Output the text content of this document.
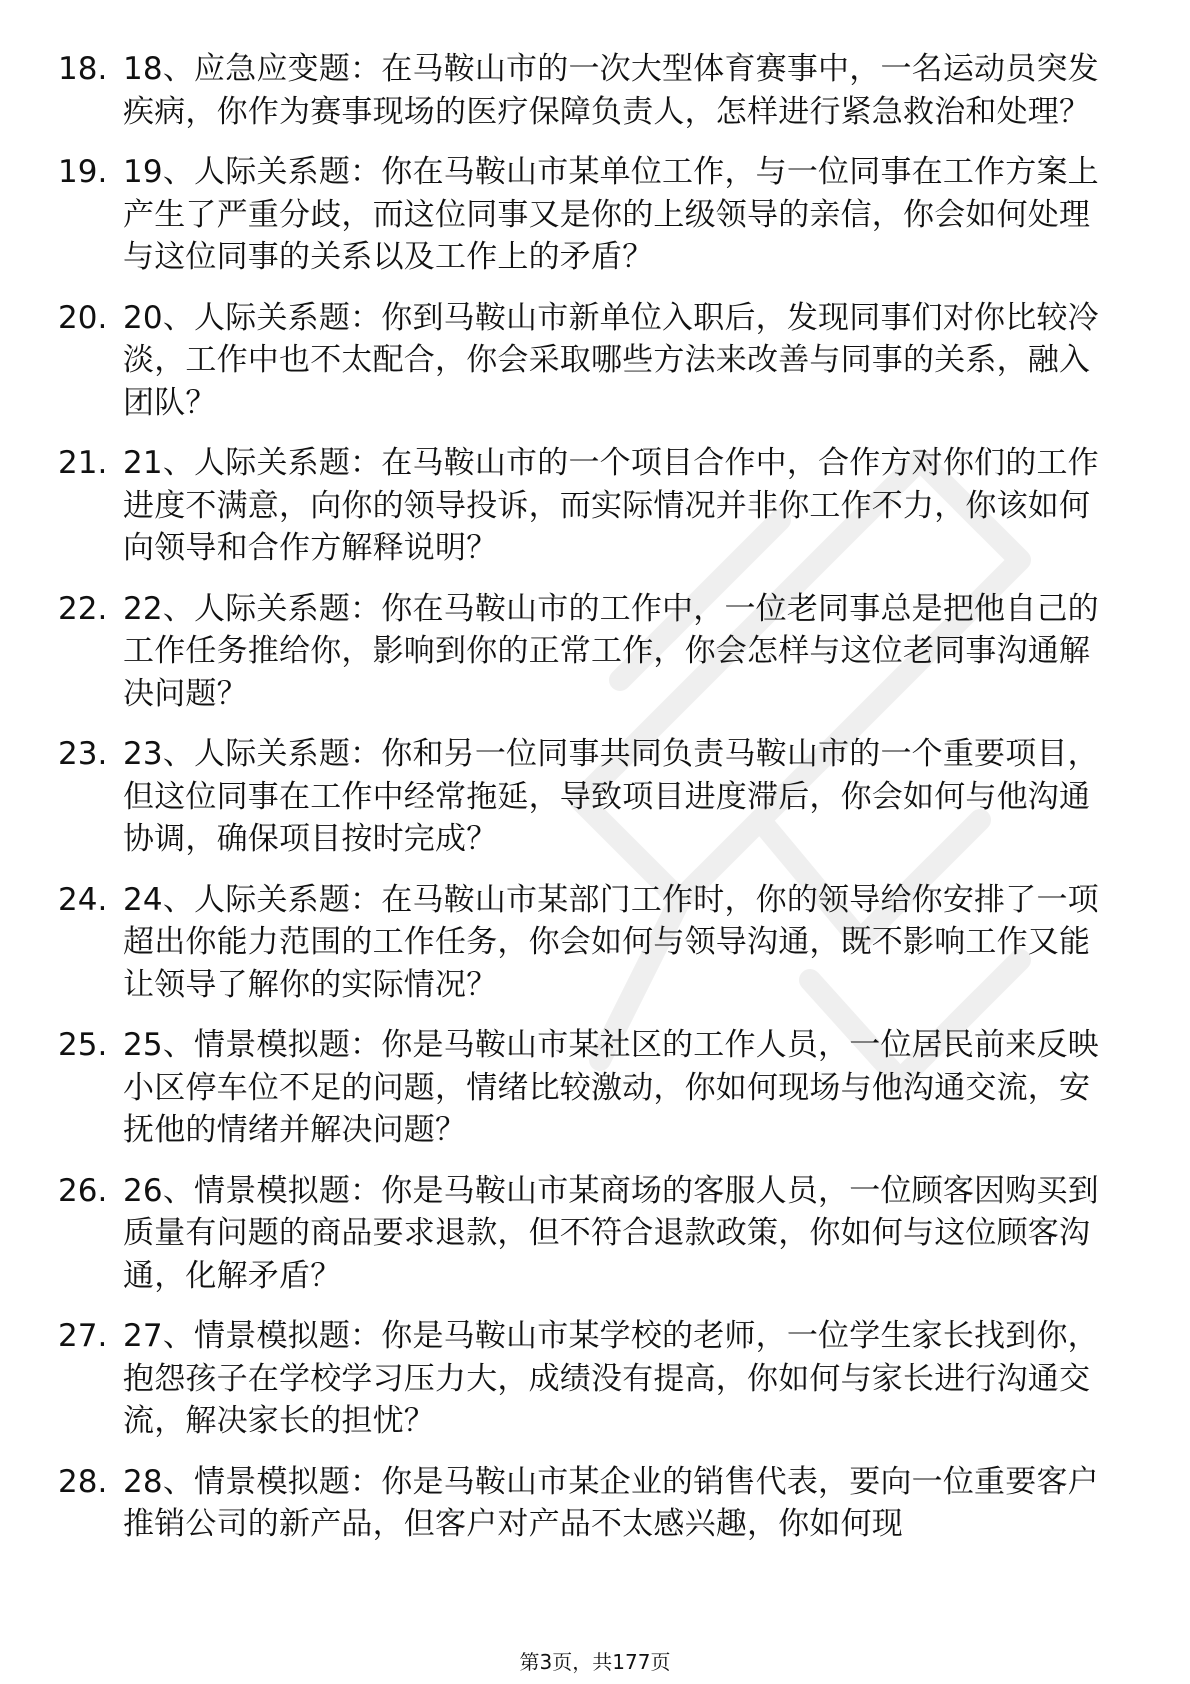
18. 18、应急应变题：在马鞍山市的一次大型体育赛事中，一名运动员突发疾病，你作为赛事现场的医疗保障负责人，怎样进行紧急救治和处理？
19. 19、人际关系题：你在马鞍山市某单位工作，与一位同事在工作方案上产生了严重分歧，而这位同事又是你的上级领导的亲信，你会如何处理与这位同事的关系以及工作上的矛盾？
20. 20、人际关系题：你到马鞍山市新单位入职后，发现同事们对你比较冷淡，工作中也不太配合，你会采取哪些方法来改善与同事的关系，融入团队？
21. 21、人际关系题：在马鞍山市的一个项目合作中，合作方对你们的工作进度不满意，向你的领导投诉，而实际情况并非你工作不力，你该如何向领导和合作方解释说明？
22. 22、人际关系题：你在马鞍山市的工作中，一位老同事总是把他自己的工作任务推给你，影响到你的正常工作，你会怎样与这位老同事沟通解决问题？
23. 23、人际关系题：你和另一位同事共同负责马鞍山市的一个重要项目，但这位同事在工作中经常拖延，导致项目进度滞后，你会如何与他沟通协调，确保项目按时完成？
24. 24、人际关系题：在马鞍山市某部门工作时，你的领导给你安排了一项超出你能力范围的工作任务，你会如何与领导沟通，既不影响工作又能让领导了解你的实际情况？
25. 25、情景模拟题：你是马鞍山市某社区的工作人员，一位居民前来反映小区停车位不足的问题，情绪比较激动，你如何现场与他沟通交流，安抚他的情绪并解决问题？
26. 26、情景模拟题：你是马鞍山市某商场的客服人员，一位顾客因购买到质量有问题的商品要求退款，但不符合退款政策，你如何与这位顾客沟通，化解矛盾？
27. 27、情景模拟题：你是马鞍山市某学校的老师，一位学生家长找到你，抱怨孩子在学校学习压力大，成绩没有提高，你如何与家长进行沟通交流，解决家长的担忧？
28. 28、情景模拟题：你是马鞍山市某企业的销售代表，要向一位重要客户推销公司的新产品，但客户对产品不太感兴趣，你如何现
第3页，共177页
